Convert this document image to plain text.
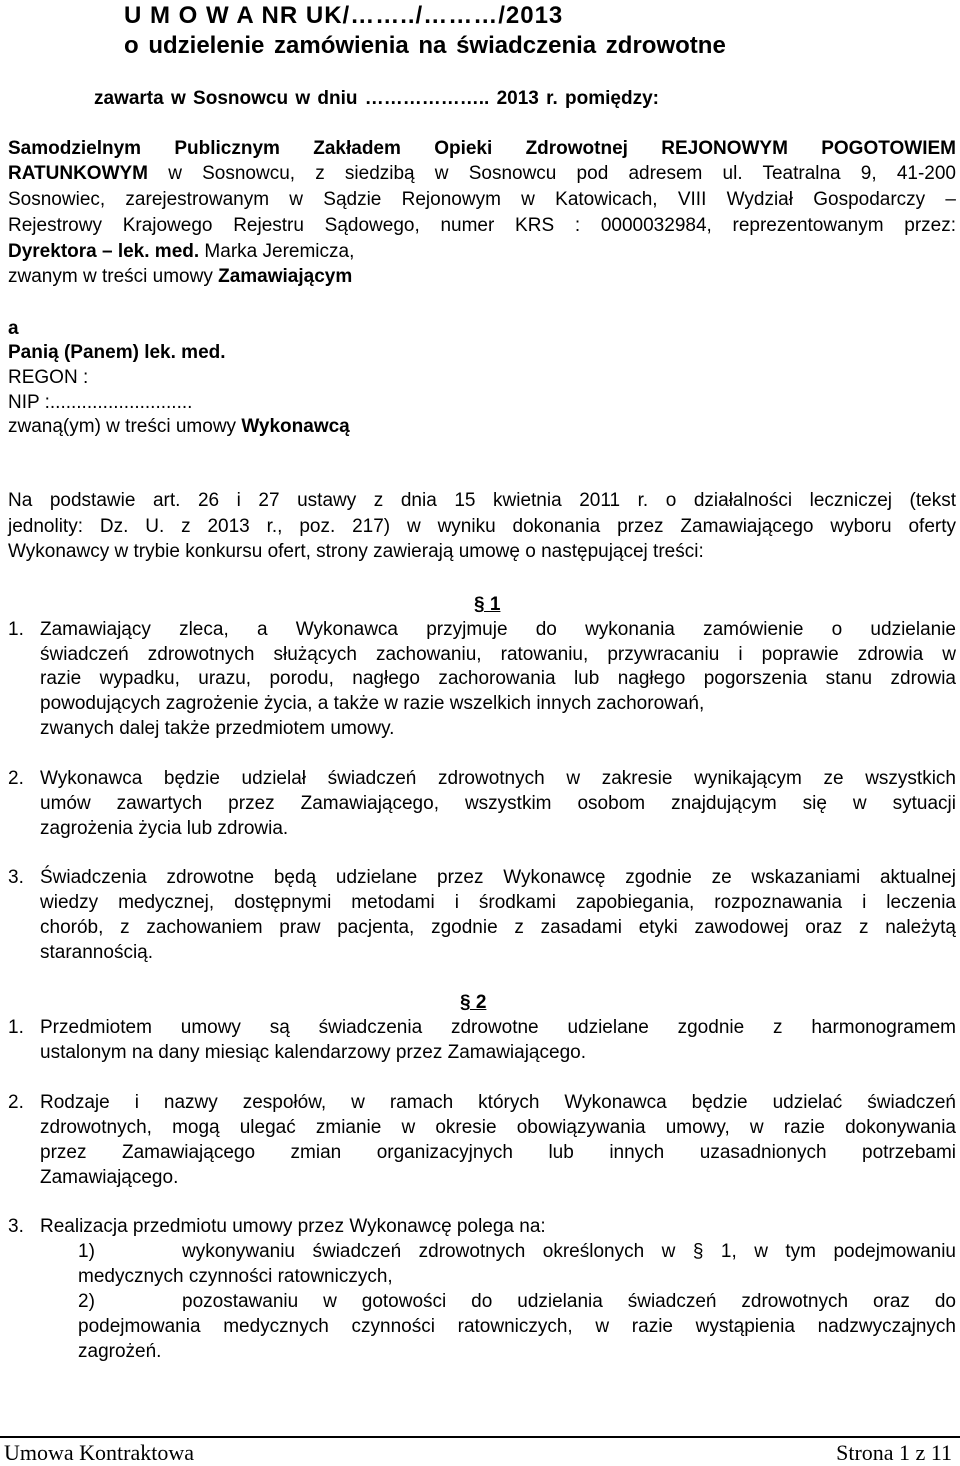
U M O W A NR UK/……../………/2013
o udzielenie zamówienia na świadczenia zdrowotne
zawarta w Sosnowcu w dniu ……………….. 2013 r. pomiędzy:
Samodzielnym Publicznym Zakładem Opieki Zdrowotnej REJONOWYM POGOTOWIEM
RATUNKOWYM w Sosnowcu, z siedzibą w Sosnowcu pod adresem ul. Teatralna 9, 41-200
Sosnowiec, zarejestrowanym w Sądzie Rejonowym w Katowicach, VIII Wydział Gospodarczy –
Rejestrowy Krajowego Rejestru Sądowego, numer KRS : 0000032984, reprezentowanym przez:
Dyrektora – lek. med. Marka Jeremicza,
zwanym w treści umowy Zamawiającym
a
Panią (Panem) lek. med.
REGON :
NIP :...........................
zwaną(ym) w treści umowy Wykonawcą
Na podstawie art. 26 i 27 ustawy z dnia 15 kwietnia 2011 r. o działalności leczniczej (tekst
jednolity: Dz. U. z 2013 r., poz. 217) w wyniku dokonania przez Zamawiającego wyboru oferty
Wykonawcy w trybie konkursu ofert, strony zawierają umowę o następującej treści:
§ 1
1. Zamawiający zleca, a Wykonawca przyjmuje do wykonania zamówienie o udzielanie
świadczeń zdrowotnych służących zachowaniu, ratowaniu, przywracaniu i poprawie zdrowia w
razie wypadku, urazu, porodu, nagłego zachorowania lub nagłego pogorszenia stanu zdrowia
powodujących zagrożenie życia, a także w razie wszelkich innych zachorowań,
zwanych dalej także przedmiotem umowy.
2. Wykonawca będzie udzielał świadczeń zdrowotnych w zakresie wynikającym ze wszystkich
umów zawartych przez Zamawiającego, wszystkim osobom znajdującym się w sytuacji
zagrożenia życia lub zdrowia.
3. Świadczenia zdrowotne będą udzielane przez Wykonawcę zgodnie ze wskazaniami aktualnej
wiedzy medycznej, dostępnymi metodami i środkami zapobiegania, rozpoznawania i leczenia
chorób, z zachowaniem praw pacjenta, zgodnie z zasadami etyki zawodowej oraz z należytą
starannością.
§ 2
1. Przedmiotem umowy są świadczenia zdrowotne udzielane zgodnie z harmonogramem
ustalonym na dany miesiąc kalendarzowy przez Zamawiającego.
2. Rodzaje i nazwy zespołów, w ramach których Wykonawca będzie udzielać świadczeń
zdrowotnych, mogą ulegać zmianie w okresie obowiązywania umowy, w razie dokonywania
przez Zamawiającego zmian organizacyjnych lub innych uzasadnionych potrzebami
Zamawiającego.
3. Realizacja przedmiotu umowy przez Wykonawcę polega na:
1)	wykonywaniu świadczeń zdrowotnych określonych w § 1, w tym podejmowaniu
medycznych czynności ratowniczych,
2)	pozostawaniu w gotowości do udzielania świadczeń zdrowotnych oraz do
podejmowania medycznych czynności ratowniczych, w razie wystąpienia nadzwyczajnych
zagrożeń.
Umowa Kontraktowa	Strona 1 z 11
